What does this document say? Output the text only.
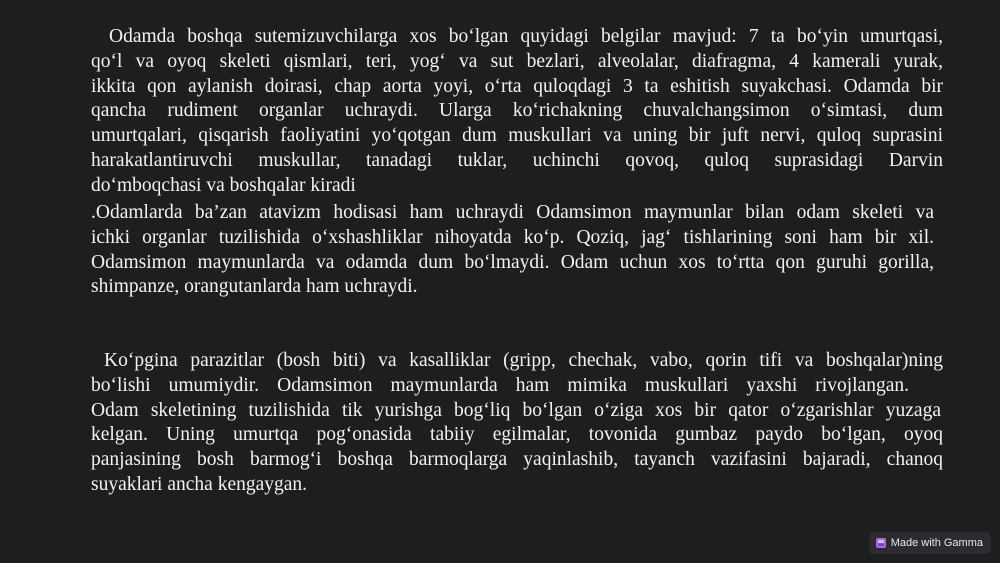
Odamda boshqa sutemizuvchilarga xos bo‘lgan quyidagi belgilar mavjud: 7 ta bo‘yin umurtqasi,
qo‘l va oyoq skeleti qismlari, teri, yog‘ va sut bezlari, alveolalar, diafragma, 4 kamerali yurak,
ikkita qon aylanish doirasi, chap aorta yoyi, o‘rta quloqdagi 3 ta eshitish suyakchasi. Odamda bir
qancha rudiment organlar uchraydi. Ularga ko‘richakning chuvalchangsimon o‘simtasi, dum
umurtqalari, qisqarish faoliyatini yo‘qotgan dum muskullari va uning bir juft nervi, quloq suprasini
harakatlantiruvchi muskullar, tanadagi tuklar, uchinchi qovoq, quloq suprasidagi Darvin
do‘mboqchasi va boshqalar kiradi

.Odamlarda ba’zan atavizm hodisasi ham uchraydi Odamsimon maymunlar bilan odam skeleti va
ichki organlar tuzilishida o‘xshashliklar nihoyatda ko‘p. Qoziq, jag‘ tishlarining soni ham bir xil.
Odamsimon maymunlarda va odamda dum bo‘lmaydi. Odam uchun xos to‘rtta qon guruhi gorilla,
shimpanze, orangutanlarda ham uchraydi.

Ko‘pgina parazitlar (bosh biti) va kasalliklar (gripp, chechak, vabo, qorin tifi va boshqalar)ning
bo‘lishi umumiydir. Odamsimon maymunlarda ham mimika muskullari yaxshi rivojlangan.
Odam skeletining tuzilishida tik yurishga bog‘liq bo‘lgan o‘ziga xos bir qator o‘zgarishlar yuzaga
kelgan. Uning umurtqa pog‘onasida tabiiy egilmalar, tovonida gumbaz paydo bo‘lgan, oyoq
panjasining bosh barmog‘i boshqa barmoqlarga yaqinlashib, tayanch vazifasini bajaradi, chanoq
suyaklari ancha kengaygan.

Made with Gamma
